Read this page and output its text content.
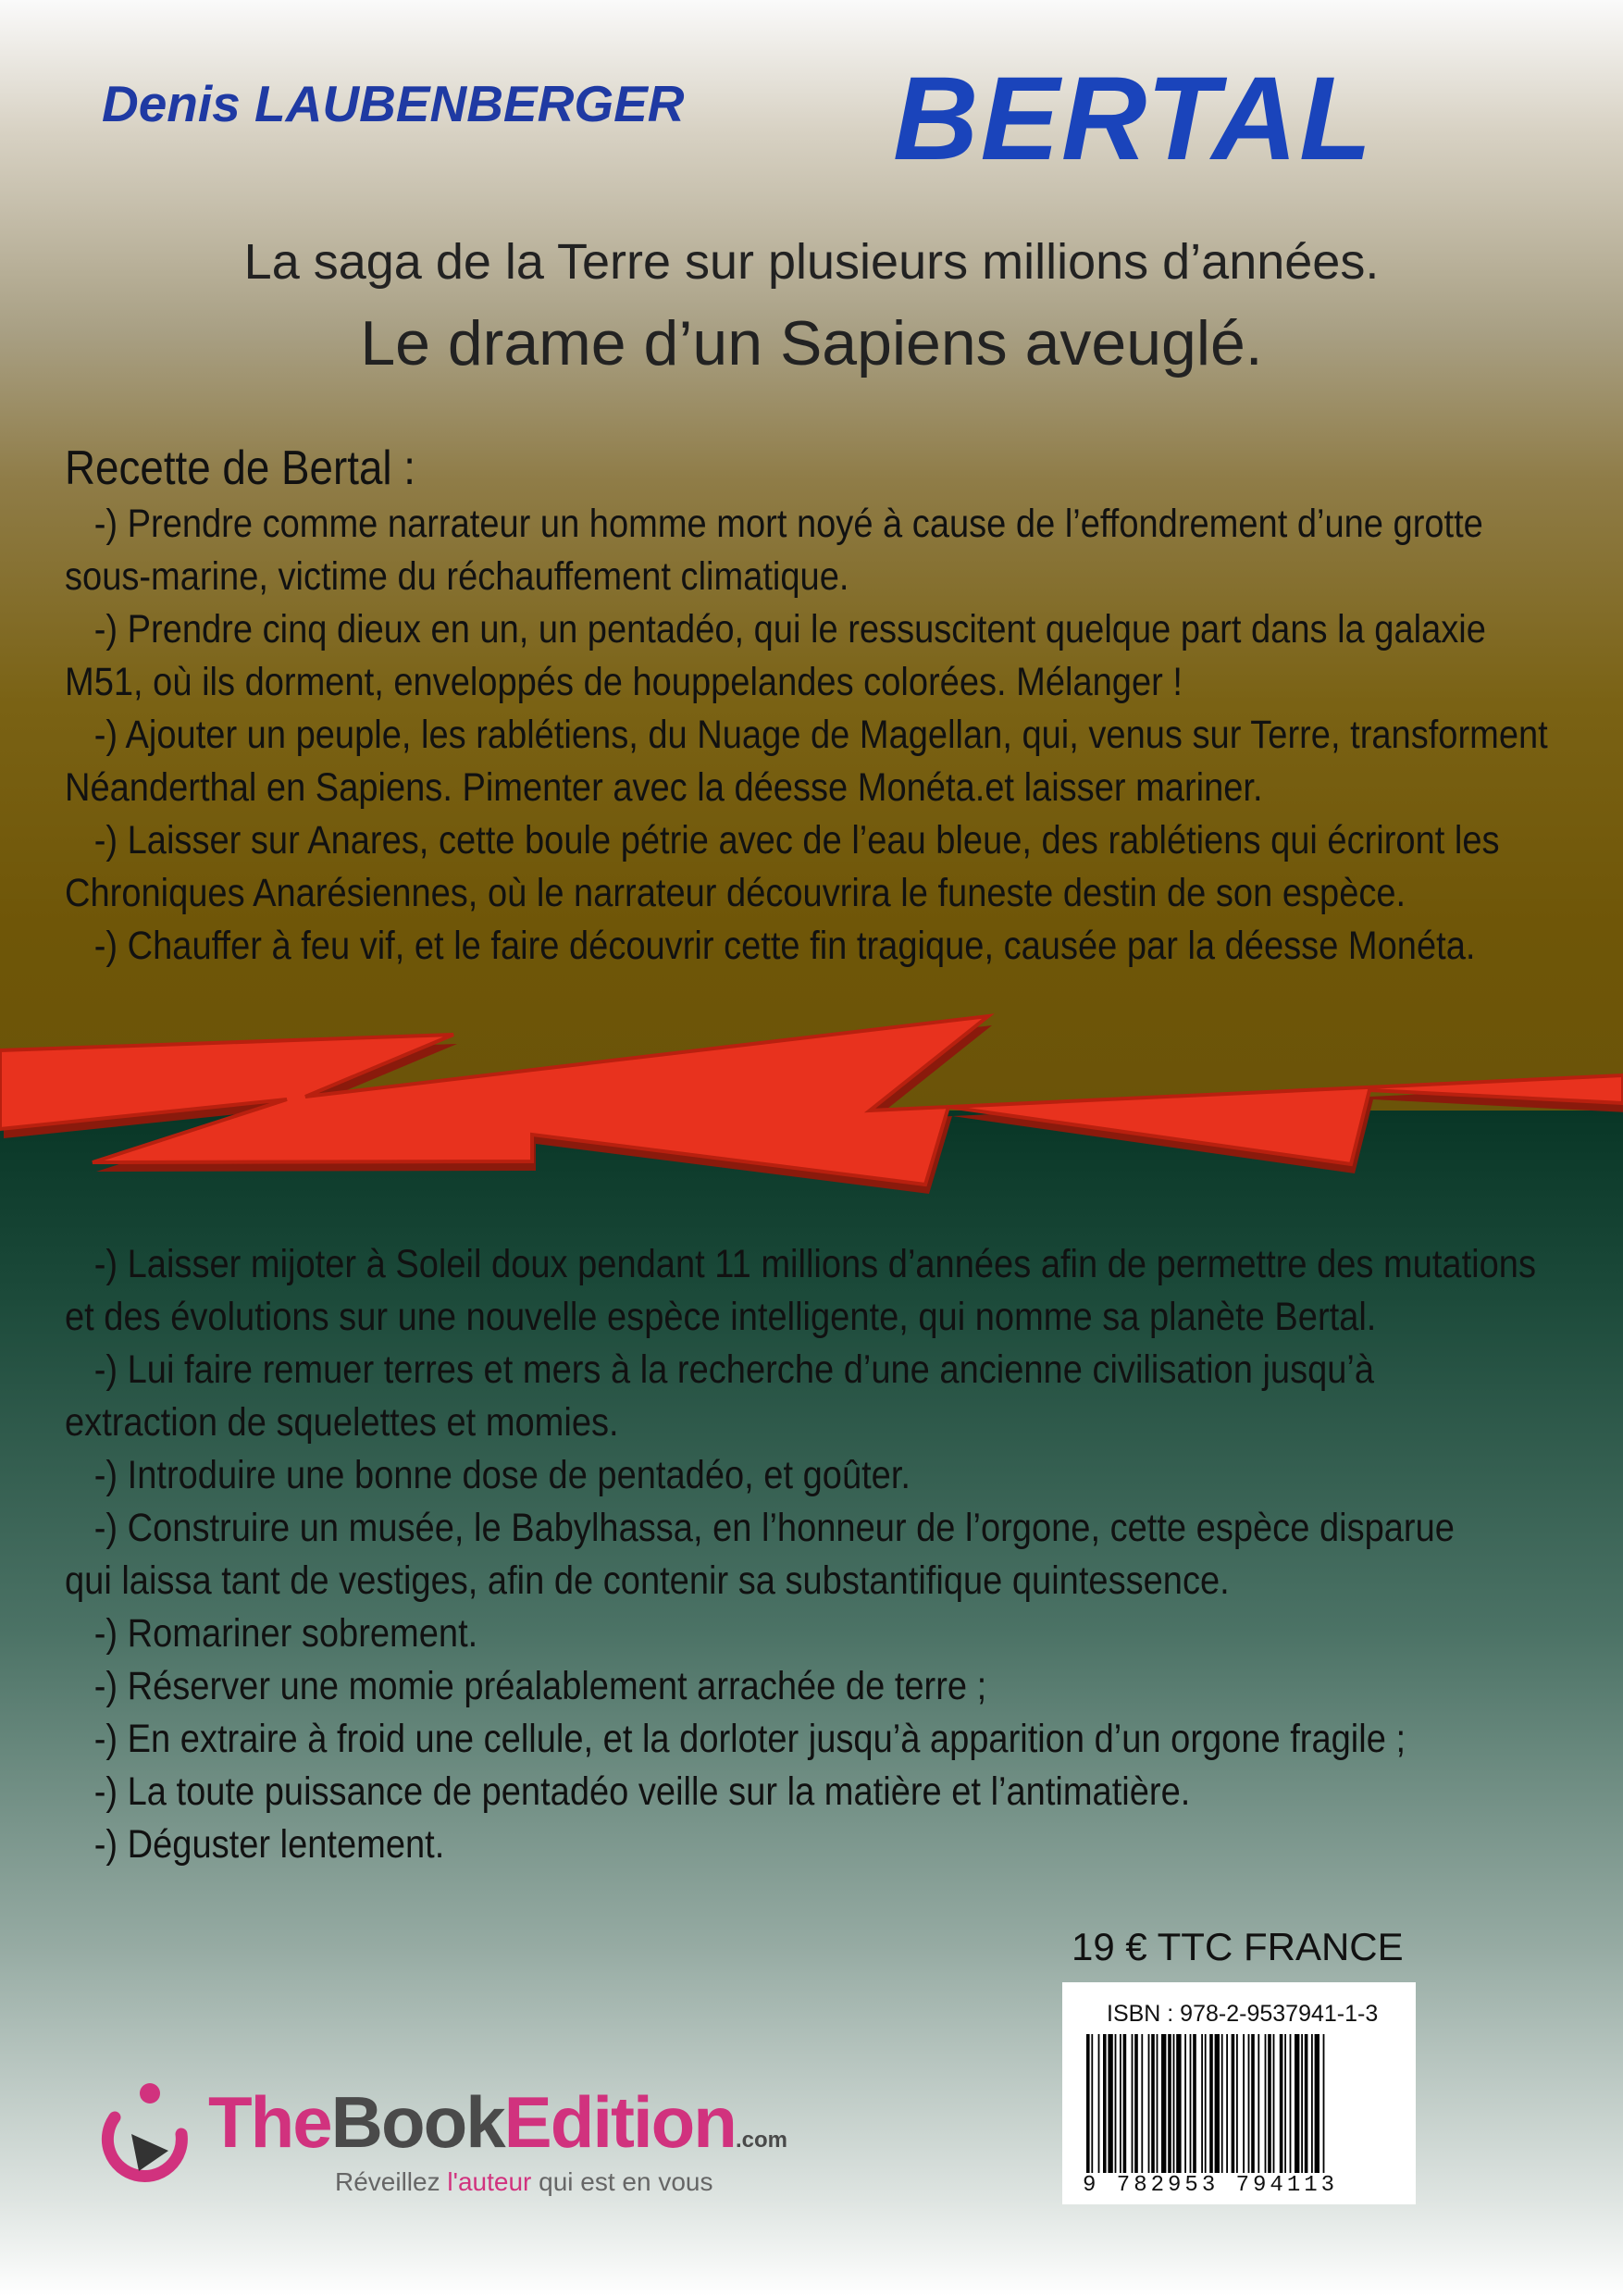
Denis LAUBENBERGER BERTAL
La saga de la Terre sur plusieurs millions d’années.
Le drame d’un Sapiens aveuglé.
Recette de Bertal :
-) Prendre comme narrateur un homme mort noyé à cause de l’effondrement d’une grotte
sous-marine, victime du réchauffement climatique.
-) Prendre cinq dieux en un, un pentadéo, qui le ressuscitent quelque part dans la galaxie
M51, où ils dorment, enveloppés de houppelandes colorées. Mélanger !
-) Ajouter un peuple, les rablétiens, du Nuage de Magellan, qui, venus sur Terre, transforment
Néanderthal en Sapiens. Pimenter avec la déesse Monéta.et laisser mariner.
-) Laisser sur Anares, cette boule pétrie avec de l’eau bleue, des rablétiens qui écriront les
Chroniques Anarésiennes, où le narrateur découvrira le funeste destin de son espèce.
-) Chauffer à feu vif, et le faire découvrir cette fin tragique, causée par la déesse Monéta.
-) Laisser mijoter à Soleil doux pendant 11 millions d’années afin de permettre des mutations
et des évolutions sur une nouvelle espèce intelligente, qui nomme sa planète Bertal.
-) Lui faire remuer terres et mers à la recherche d’une ancienne civilisation jusqu’à
extraction de squelettes et momies.
-) Introduire une bonne dose de pentadéo, et goûter.
-) Construire un musée, le Babylhassa, en l’honneur de l’orgone, cette espèce disparue
qui laissa tant de vestiges, afin de contenir sa substantifique quintessence.
-) Romariner sobrement.
-) Réserver une momie préalablement arrachée de terre ;
-) En extraire à froid une cellule, et la dorloter jusqu’à apparition d’un orgone fragile ;
-) La toute puissance de pentadéo veille sur la matière et l’antimatière.
-) Déguster lentement.
19 € TTC FRANCE
ISBN : 978-2-9537941-1-3
9 782953 794113
TheBookEdition.com
Réveillez l'auteur qui est en vous
